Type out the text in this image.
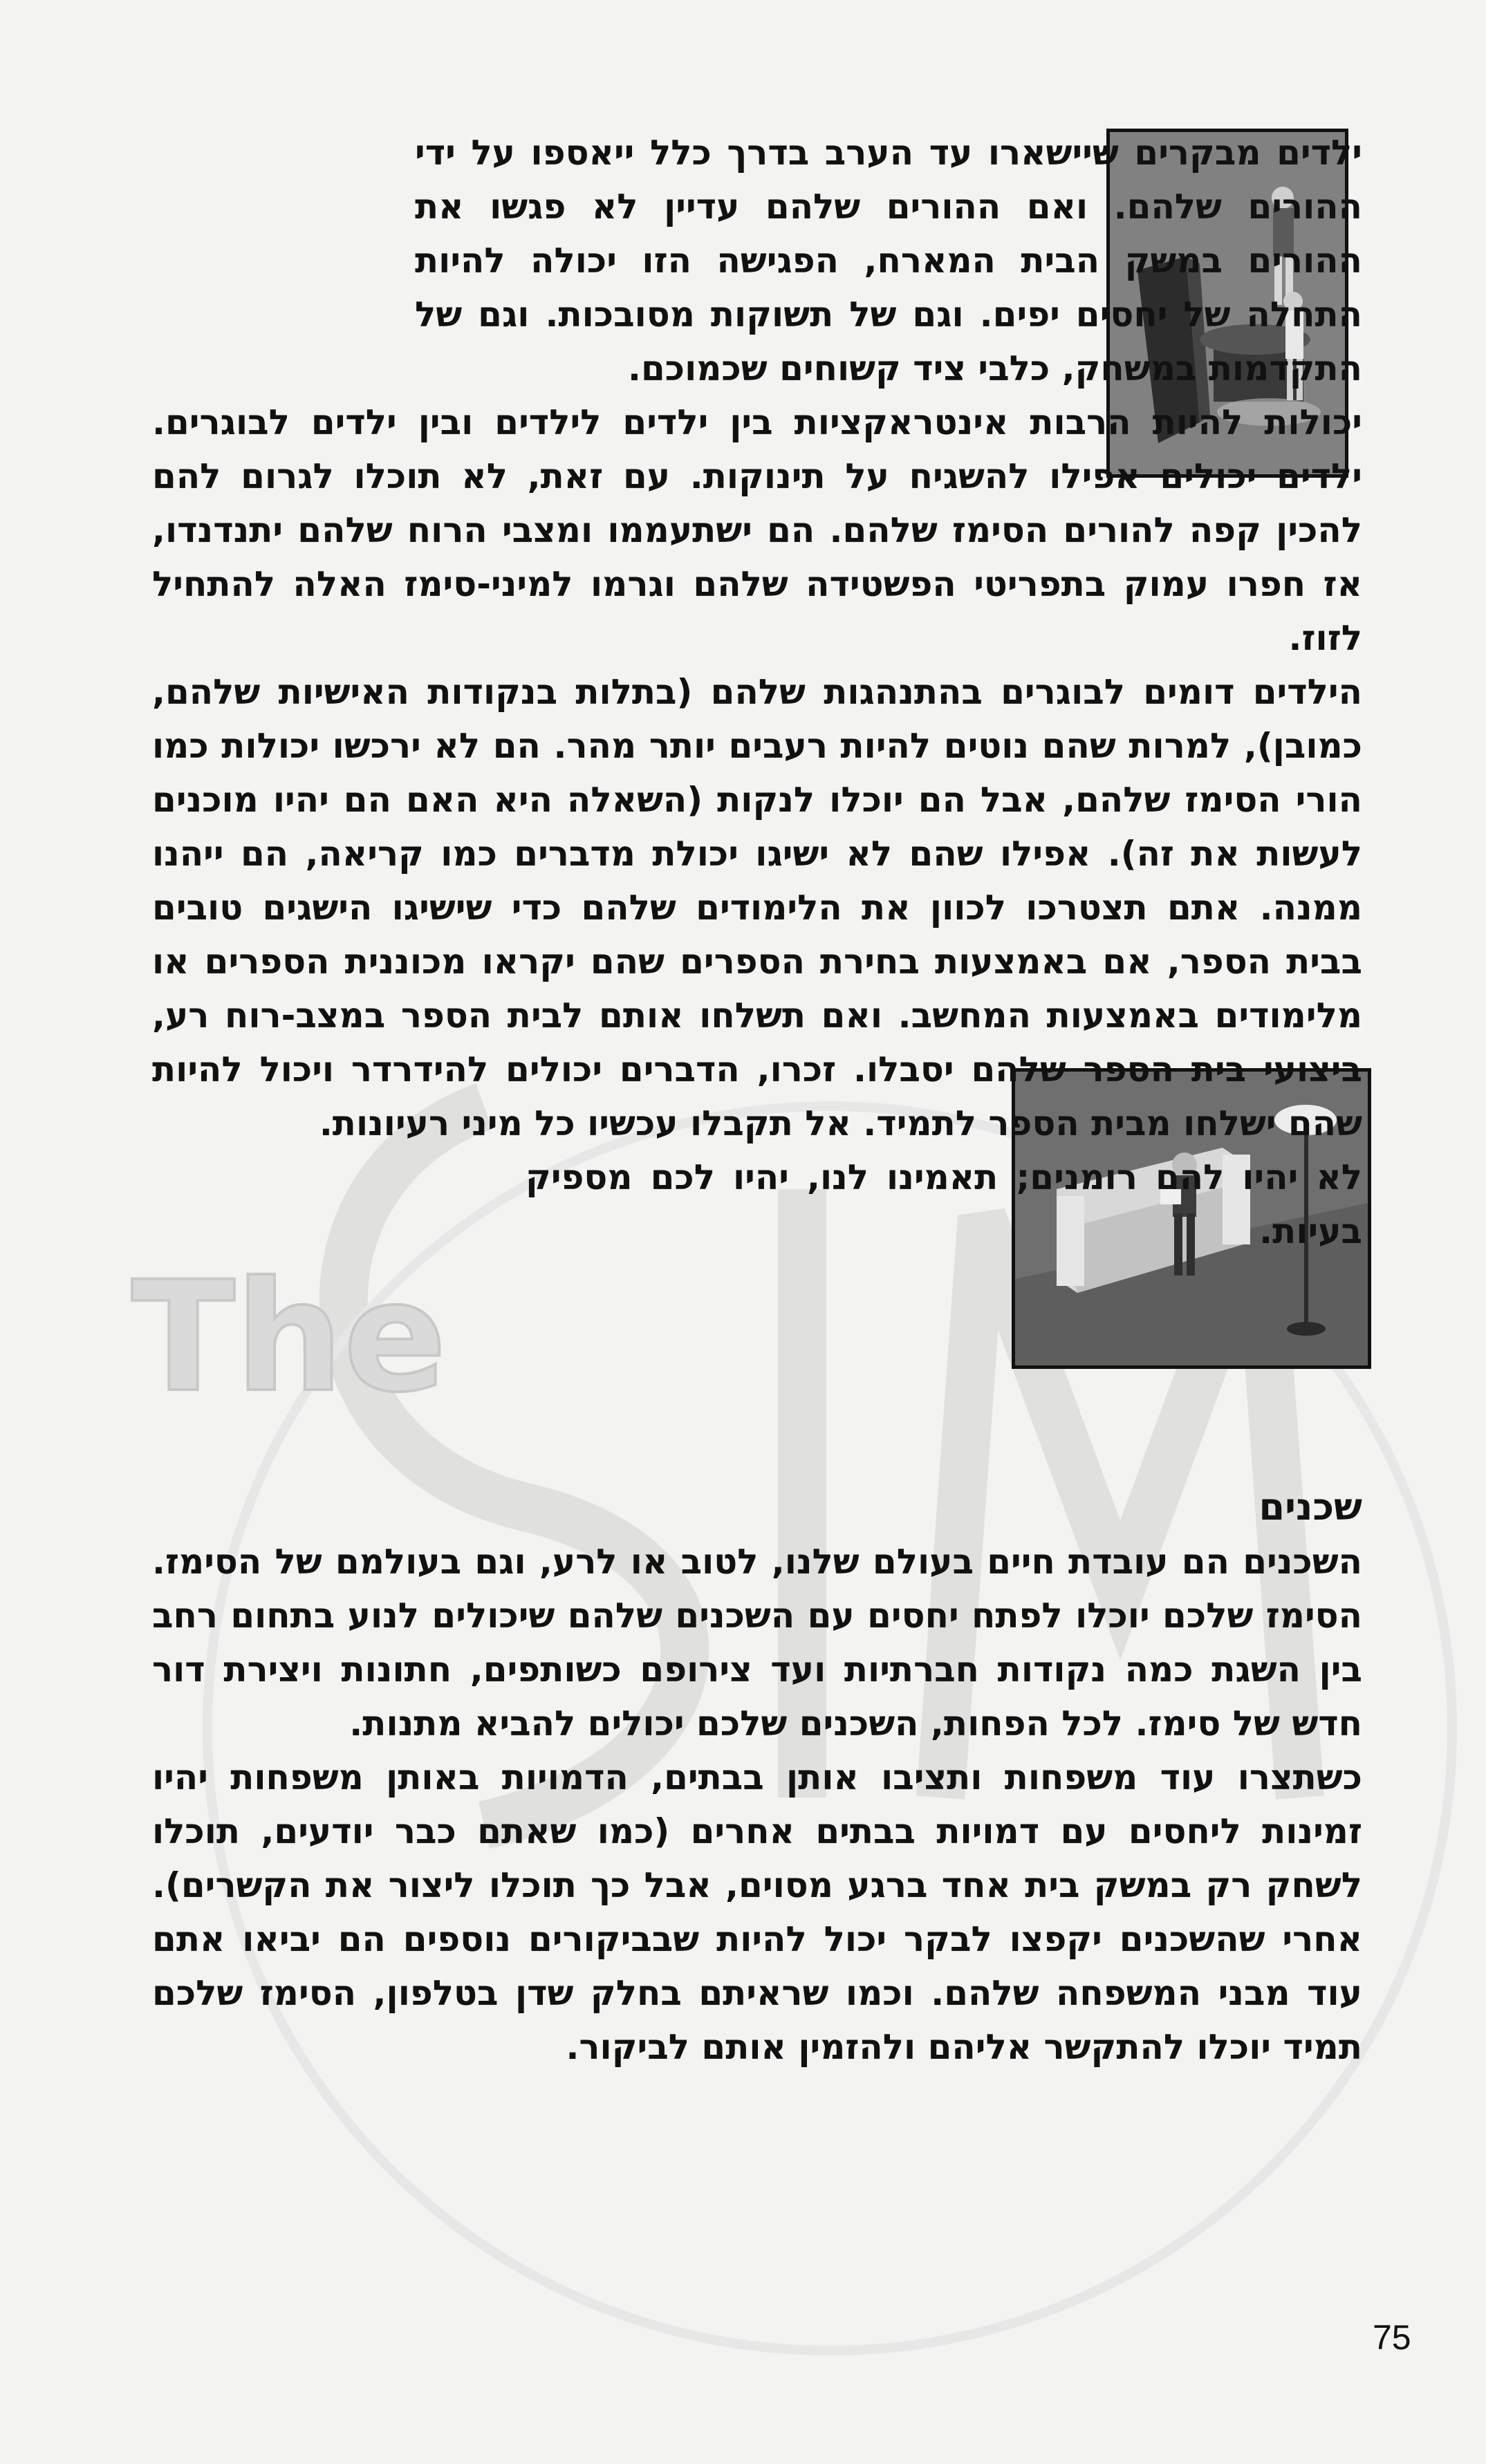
The

ילדים מבקרים שיישארו עד הערב בדרך כלל ייאספו על ידי ההורים שלהם. ואם ההורים שלהם עדיין לא פגשו את ההורים במשק הבית המארח, הפגישה הזו יכולה להיות התחלה של יחסים יפים. וגם של תשוקות מסובכות. וגם של התקדמות במשחק, כלבי ציד קשוחים שכמוכם.

יכולות להיות הרבות אינטראקציות בין ילדים לילדים ובין ילדים לבוגרים. ילדים יכולים אפילו להשגיח על תינוקות. עם זאת, לא תוכלו לגרום להם להכין קפה להורים הסימז שלהם. הם ישתעממו ומצבי הרוח שלהם יתנדנדו, אז חפרו עמוק בתפריטי הפשטידה שלהם וגרמו למיני-סימז האלה להתחיל לזוז.

הילדים דומים לבוגרים בהתנהגות שלהם (בתלות בנקודות האישיות שלהם, כמובן), למרות שהם נוטים להיות רעבים יותר מהר. הם לא ירכשו יכולות כמו הורי הסימז שלהם, אבל הם יוכלו לנקות (השאלה היא האם הם יהיו מוכנים לעשות את זה). אפילו שהם לא ישיגו יכולת מדברים כמו קריאה, הם ייהנו ממנה. אתם תצטרכו לכוון את הלימודים שלהם כדי שישיגו הישגים טובים בבית הספר, אם באמצעות בחירת הספרים שהם יקראו מכוננית הספרים או מלימודים באמצעות המחשב. ואם תשלחו אותם לבית הספר במצב-רוח רע, ביצועי בית הספר שלהם יסבלו. זכרו, הדברים יכולים להידרדר ויכול להיות שהם ישלחו מבית הספר לתמיד. אל תקבלו עכשיו כל מיני רעיונות.

לא יהיו להם רומנים; תאמינו לנו, יהיו לכם מספיק בעיות.

שכנים

השכנים הם עובדת חיים בעולם שלנו, לטוב או לרע, וגם בעולמם של הסימז. הסימז שלכם יוכלו לפתח יחסים עם השכנים שלהם שיכולים לנוע בתחום רחב בין השגת כמה נקודות חברתיות ועד צירופם כשותפים, חתונות ויצירת דור חדש של סימז. לכל הפחות, השכנים שלכם יכולים להביא מתנות.

כשתצרו עוד משפחות ותציבו אותן בבתים, הדמויות באותן משפחות יהיו זמינות ליחסים עם דמויות בבתים אחרים (כמו שאתם כבר יודעים, תוכלו לשחק רק במשק בית אחד ברגע מסוים, אבל כך תוכלו ליצור את הקשרים). אחרי שהשכנים יקפצו לבקר יכול להיות שבביקורים נוספים הם יביאו אתם עוד מבני המשפחה שלהם. וכמו שראיתם בחלק שדן בטלפון, הסימז שלכם תמיד יוכלו להתקשר אליהם ולהזמין אותם לביקור.

75
